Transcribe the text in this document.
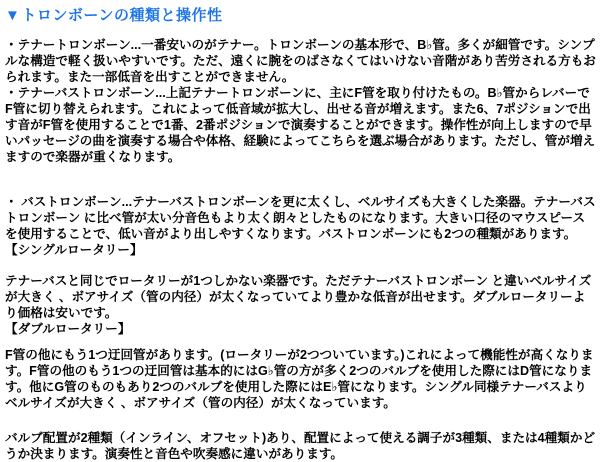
▼トロンボーンの種類と操作性

・テナートロンボーン...一番安いのがテナー。トロンボーンの基本形で、B♭管。多くが細管です。シンプルな構造で軽く扱いやすいです。ただ、遠くに腕をのばさなくてはいけない音階があり苦労される方もおられます。また一部低音を出すことができません。

・テナーバストロンボーン...上記テナートロンボーンに、主にF管を取り付けたもの。B♭管からレバーでF管に切り替えられます。これによって低音域が拡大し、出せる音が増えます。また6、7ポジションで出す音がF管を使用することで1番、2番ポジションで演奏することができます。操作性が向上しますので早いパッセージの曲を演奏する場合や体格、経験によってこちらを選ぶ場合があります。ただし、管が増えますので楽器が重くなります。

・ バストロンボーン...テナーバストロンボーンを更に太くし、ベルサイズも大きくした楽器。テナーバストロンボーン に比べ管が太い分音色もより太く朗々としたものになります。大きい口径のマウスピースを使用することで、低い音がより出しやすくなります。バストロンボーンにも2つの種類があります。

【シングルロータリー】

テナーバスと同じでロータリーが1つしかない楽器です。ただテナーバストロンボーン と違いベルサイズが大きく 、ボアサイズ（管の内径）が太くなっていてより豊かな低音が出せます。ダブルロータリーより価格は安いです。

【ダブルロータリー】

F管の他にもう1つ迂回管があります。(ロータリーが2つついています。)これによって機能性が高くなります。F管の他のもう1つの迂回管は基本的にはG♭管の方が多く2つのバルブを使用した際にはD管になります。他にG管のものもあり2つのバルブを使用した際にはE♭管になります。シングル同様テナーバスよりベルサイズが大きく 、ボアサイズ（管の内径）が太くなっています。

バルブ配置が2種類（インライン、オフセット)あり、配置によって使える調子が3種類、または4種類かどうか決まります。演奏性と音色や吹奏感に違いがあります。
